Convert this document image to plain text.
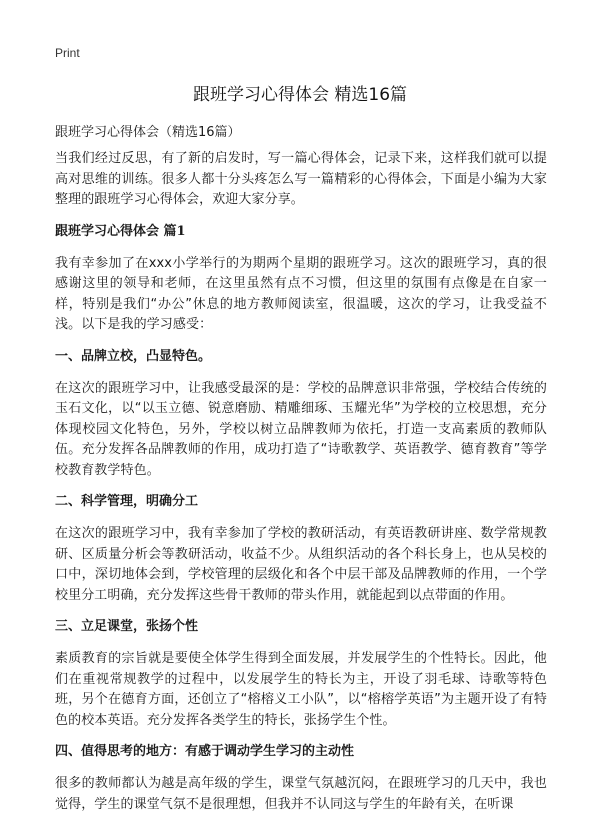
Print
跟班学习心得体会 精选16篇

跟班学习心得体会（精选16篇）

当我们经过反思，有了新的启发时，写一篇心得体会，记录下来，这样我们就可以提高对思维的训练。很多人都十分头疼怎么写一篇精彩的心得体会，下面是小编为大家整理的跟班学习心得体会，欢迎大家分享。

跟班学习心得体会 篇1

我有幸参加了在xxx小学举行的为期两个星期的跟班学习。这次的跟班学习，真的很感谢这里的领导和老师，在这里虽然有点不习惯，但这里的氛围有点像是在自家一样，特别是我们“办公”休息的地方教师阅读室，很温暖，这次的学习，让我受益不浅。以下是我的学习感受：

一、品牌立校，凸显特色。

在这次的跟班学习中，让我感受最深的是：学校的品牌意识非常强，学校结合传统的玉石文化，以“以玉立德、锐意磨励、精雕细琢、玉耀光华”为学校的立校思想，充分体现校园文化特色，另外，学校以树立品牌教师为依托，打造一支高素质的教师队伍。充分发挥各品牌教师的作用，成功打造了“诗歌教学、英语教学、德育教育”等学校教育教学特色。

二、科学管理，明确分工

在这次的跟班学习中，我有幸参加了学校的教研活动，有英语教研讲座、数学常规教研、区质量分析会等教研活动，收益不少。从组织活动的各个科长身上，也从吴校的口中，深切地体会到，学校管理的层级化和各个中层干部及品牌教师的作用，一个学校里分工明确，充分发挥这些骨干教师的带头作用，就能起到以点带面的作用。

三、立足课堂，张扬个性

素质教育的宗旨就是要使全体学生得到全面发展，并发展学生的个性特长。因此，他们在重视常规教学的过程中，以发展学生的特长为主，开设了羽毛球、诗歌等特色班，另个在德育方面，还创立了“榕榕义工小队”，以“榕榕学英语”为主题开设了有特色的校本英语。充分发挥各类学生的特长，张扬学生个性。

四、值得思考的地方：有感于调动学生学习的主动性

很多的教师都认为越是高年级的学生，课堂气氛越沉闷，在跟班学习的几天中，我也觉得，学生的课堂气氛不是很理想，但我并不认同这与学生的年龄有关，在听课
